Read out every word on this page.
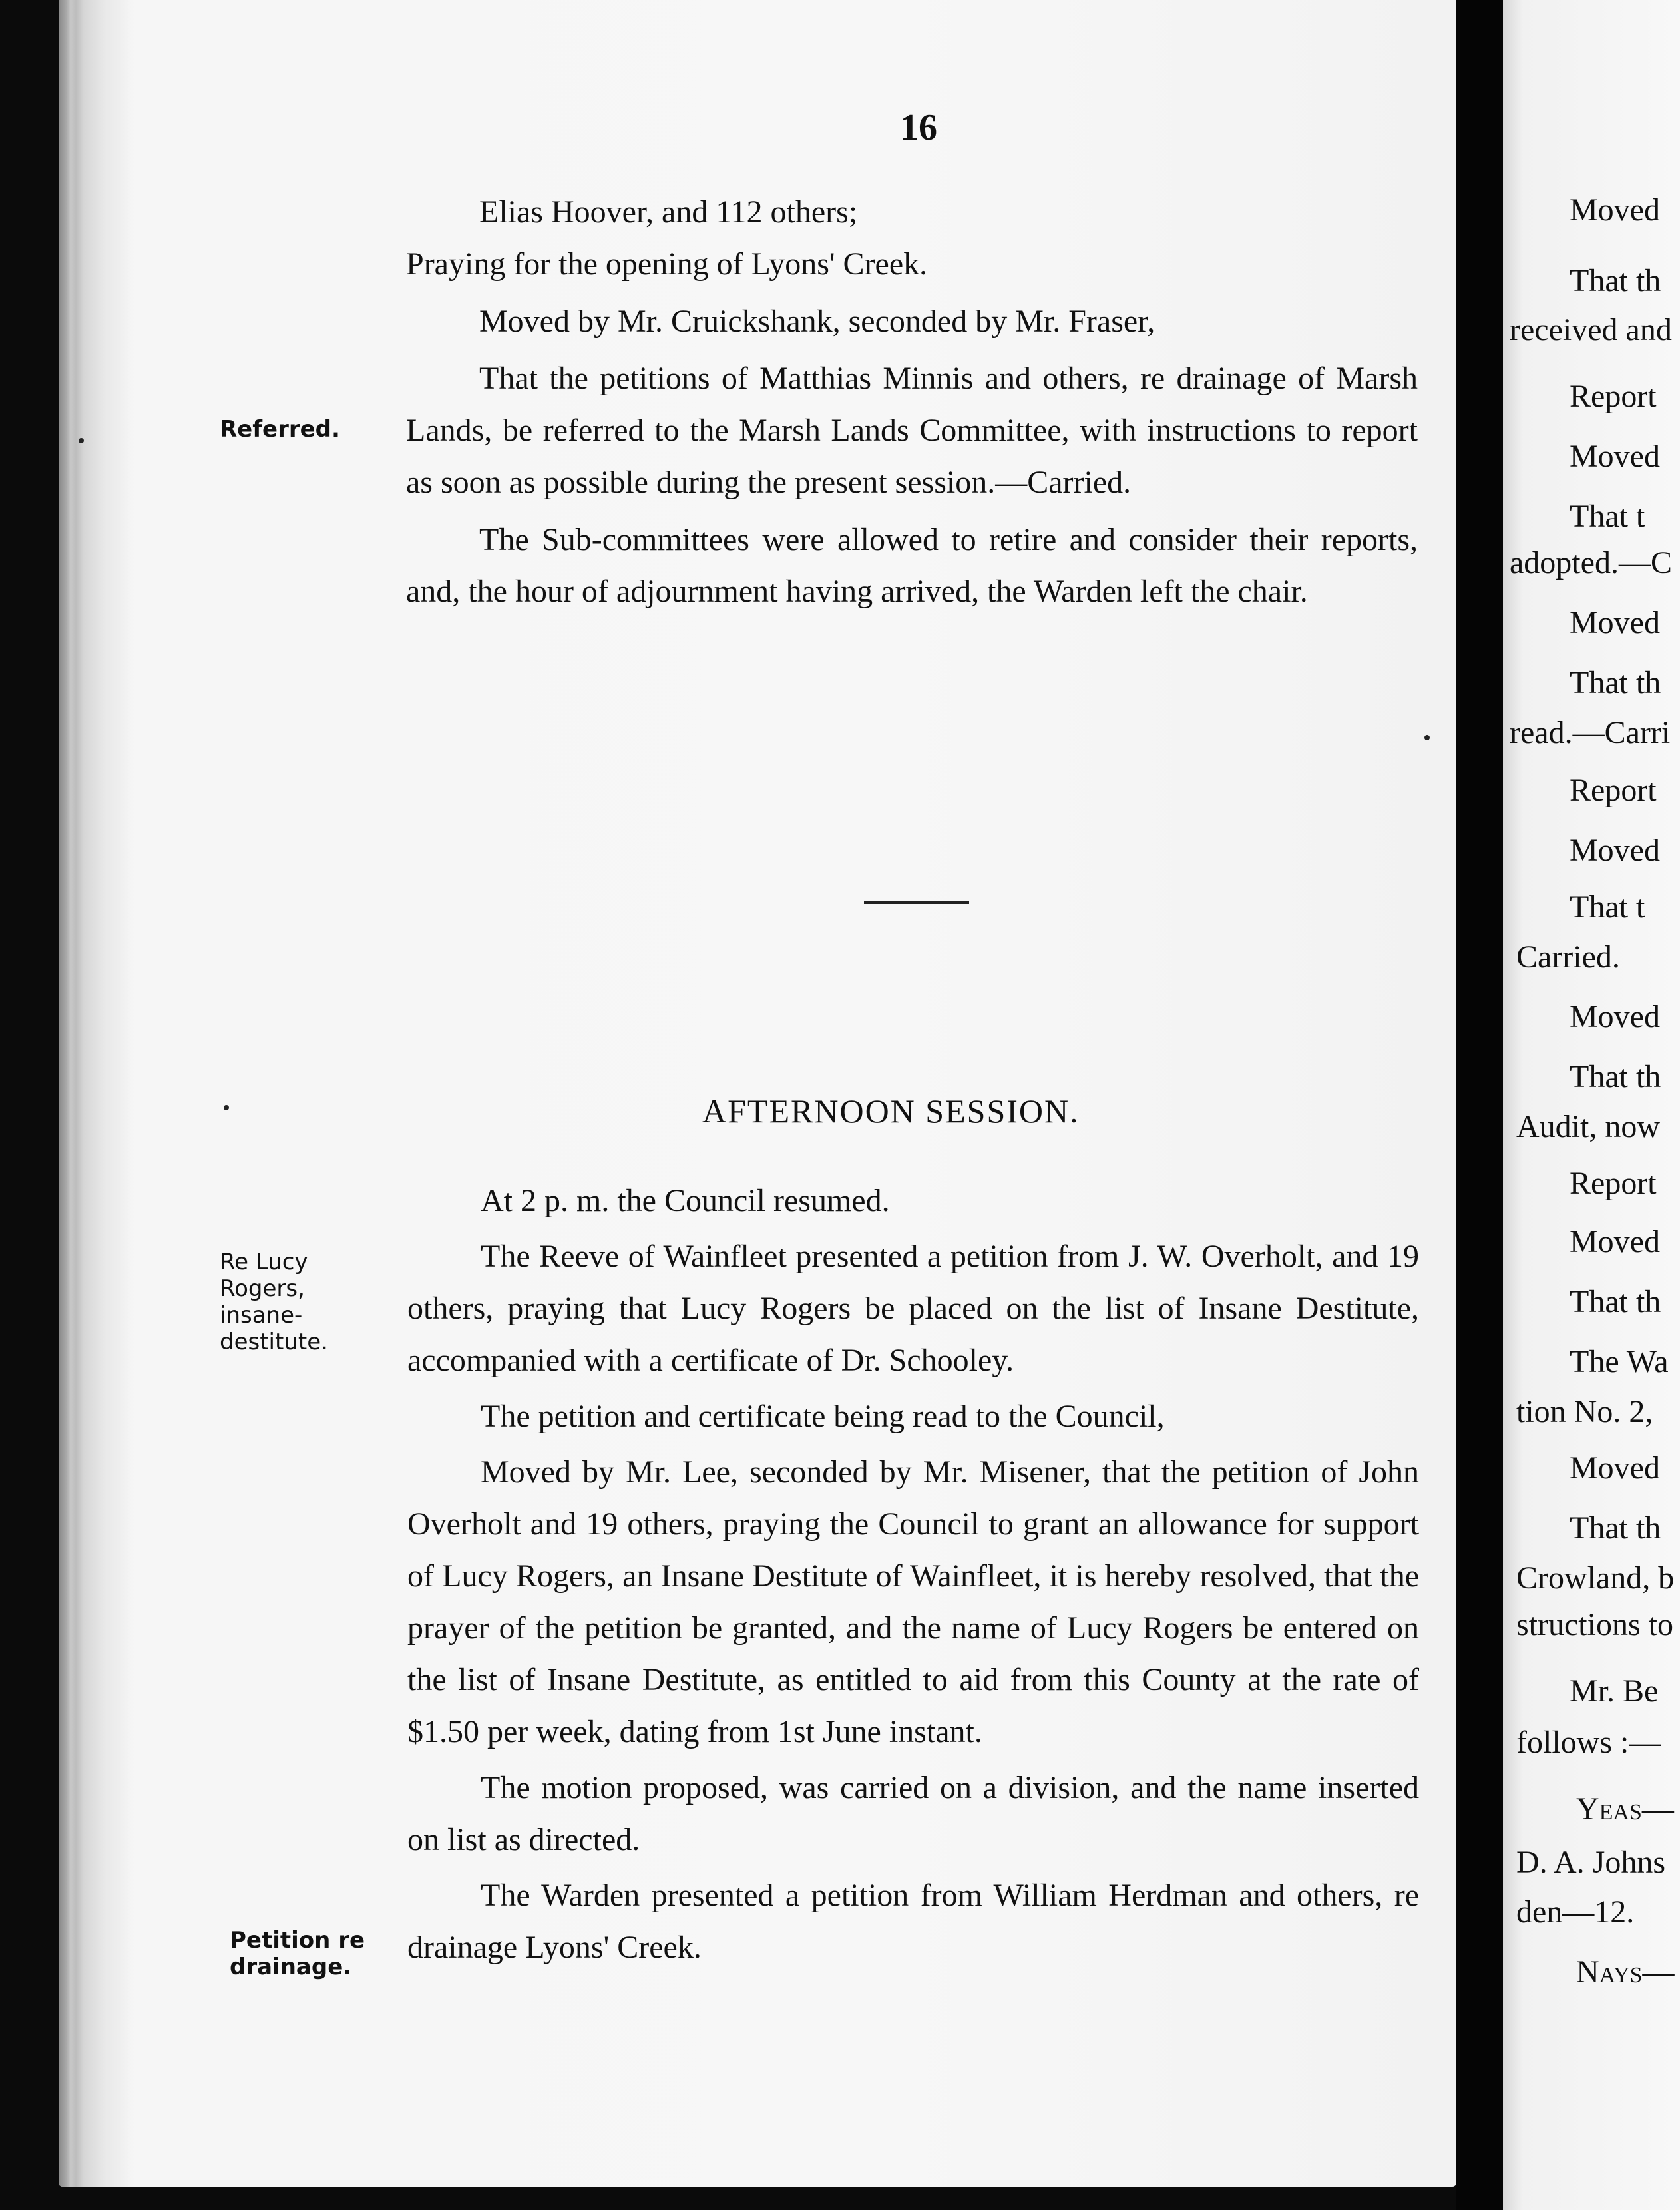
16

Elias Hoover, and 112 others;

Praying for the opening of Lyons' Creek.

Moved by Mr. Cruickshank, seconded by Mr. Fraser,

That the petitions of Matthias Minnis and others, re drainage of Marsh Lands, be referred to the Marsh Lands Committee, with instructions to report as soon as possible during the present session.—Carried.

The Sub-committees were allowed to retire and consider their reports, and, the hour of adjournment having arrived, the Warden left the chair.

AFTERNOON SESSION.

At 2 p. m. the Council resumed.

The Reeve of Wainfleet presented a petition from J. W. Overholt, and 19 others, praying that Lucy Rogers be placed on the list of Insane Destitute, accompanied with a certificate of Dr. Schooley.

The petition and certificate being read to the Council,

Moved by Mr. Lee, seconded by Mr. Misener, that the petition of John Overholt and 19 others, praying the Council to grant an allowance for support of Lucy Rogers, an Insane Destitute of Wainfleet, it is hereby resolved, that the prayer of the petition be granted, and the name of Lucy Rogers be entered on the list of Insane Destitute, as entitled to aid from this County at the rate of $1.50 per week, dating from 1st June instant.

The motion proposed, was carried on a division, and the name inserted on list as directed.

The Warden presented a petition from William Herdman and others, re drainage Lyons' Creek.

Referred.
Re Lucy Rogers, insane-destitute.
Petition re drainage.
Moved
That th
received and
Report
Moved
That t
adopted.—C
Moved
That th
read.—Carri
Report
Moved
That t
Carried.
Moved
That th
Audit, now
Report
Moved
That th
The Wa
tion No. 2,
Moved
That th
Crowland, b
structions to
Mr. Be
follows :—
Yeas—
D. A. Johns
den—12.
Nays—
